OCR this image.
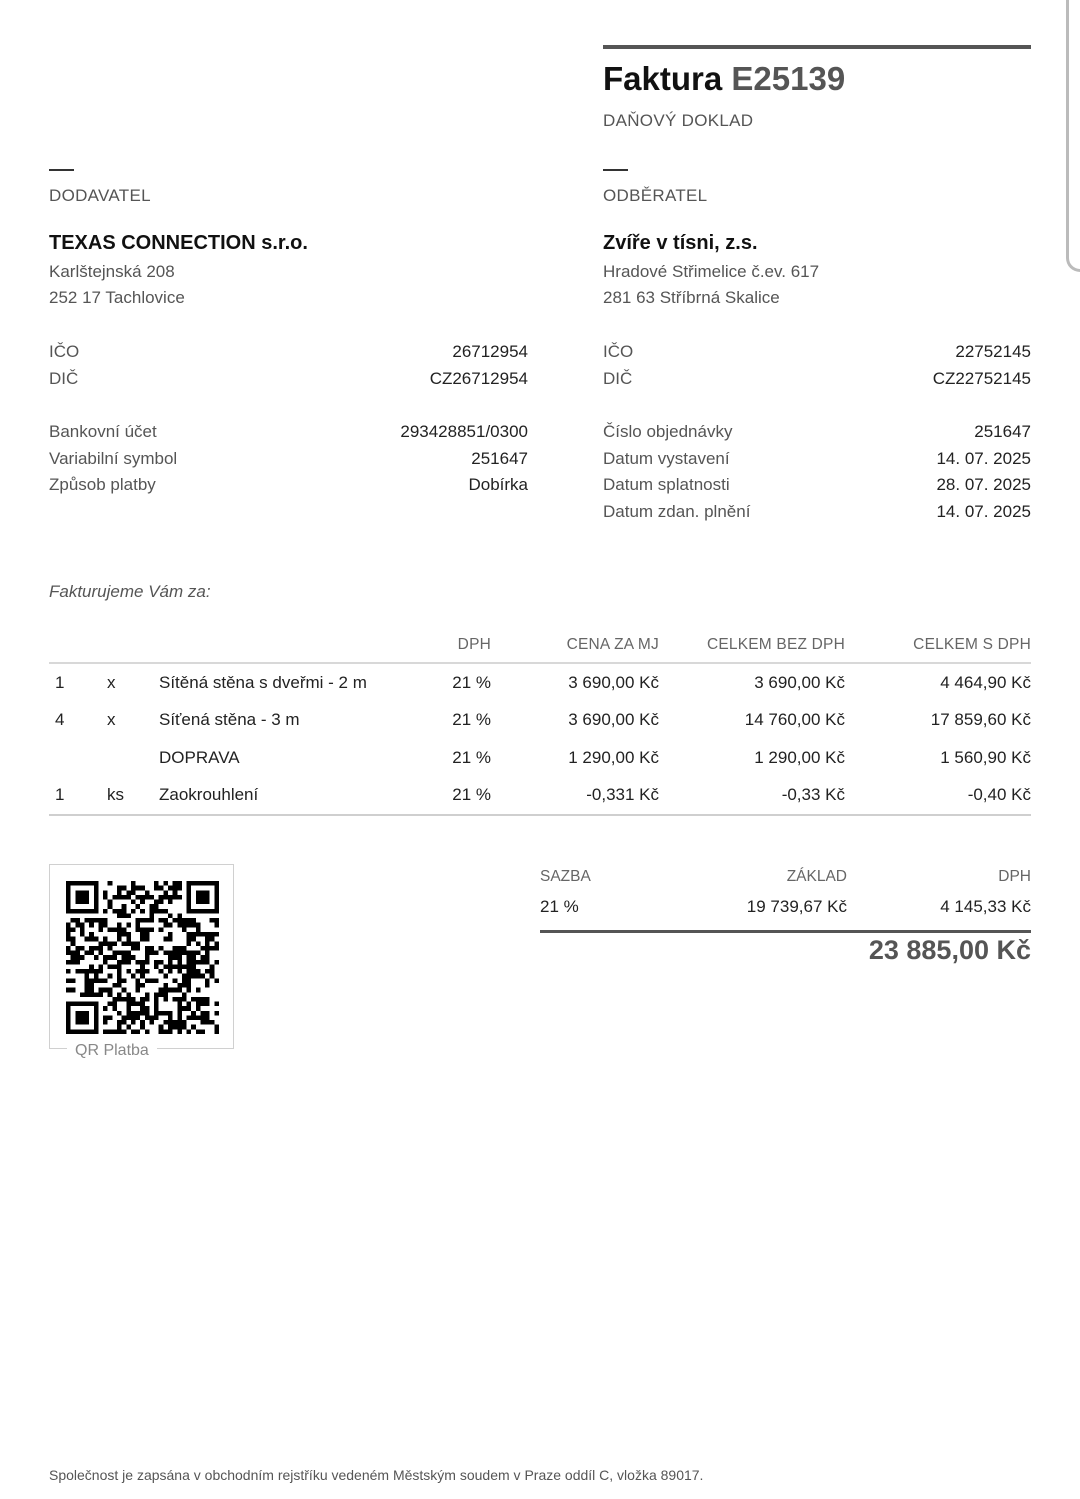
Faktura E25139
DAŇOVÝ DOKLAD
DODAVATEL
TEXAS CONNECTION s.r.o.
Karlštejnská 208
252 17 Tachlovice
IČO	26712954
DIČ	CZ26712954
Bankovní účet	293428851/0300
Variabilní symbol	251647
Způsob platby	Dobírka
ODBĚRATEL
Zvíře v tísni, z.s.
Hradové Střimelice č.ev. 617
281 63 Stříbrná Skalice
IČO	22752145
DIČ	CZ22752145
Číslo objednávky	251647
Datum vystavení	14. 07. 2025
Datum splatnosti	28. 07. 2025
Datum zdan. plnění	14. 07. 2025
Fakturujeme Vám za:
			DPH	CENA ZA MJ	CELKEM BEZ DPH	CELKEM S DPH
1	x	Sítěná stěna s dveřmi - 2 m	21 %	3 690,00 Kč	3 690,00 Kč	4 464,90 Kč
4	x	Síťená stěna - 3 m	21 %	3 690,00 Kč	14 760,00 Kč	17 859,60 Kč
		DOPRAVA	21 %	1 290,00 Kč	1 290,00 Kč	1 560,90 Kč
1	ks	Zaokrouhlení	21 %	-0,331 Kč	-0,33 Kč	-0,40 Kč
QR Platba
SAZBA	ZÁKLAD	DPH
21 %	19 739,67 Kč	4 145,33 Kč
23 885,00 Kč
Společnost je zapsána v obchodním rejstříku vedeném Městským soudem v Praze oddíl C, vložka 89017.
